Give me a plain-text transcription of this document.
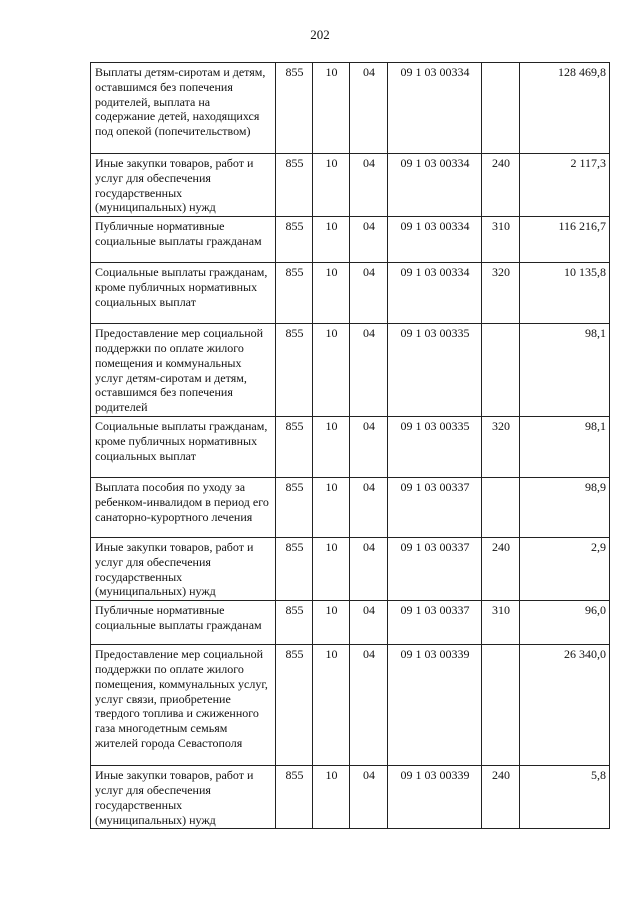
202
Выплаты детям-сиротам и детям, оставшимся без попечения родителей, выплата на содержание детей, находящихся под опекой (попечительством)	855	10	04	09 1 03 00334		128 469,8
Иные закупки товаров, работ и услуг для обеспечения государственных (муниципальных) нужд	855	10	04	09 1 03 00334	240	2 117,3
Публичные нормативные социальные выплаты гражданам	855	10	04	09 1 03 00334	310	116 216,7
Социальные выплаты гражданам, кроме публичных нормативных социальных выплат	855	10	04	09 1 03 00334	320	10 135,8
Предоставление мер социальной поддержки по оплате жилого помещения и коммунальных услуг детям-сиротам и детям, оставшимся без попечения родителей	855	10	04	09 1 03 00335		98,1
Социальные выплаты гражданам, кроме публичных нормативных социальных выплат	855	10	04	09 1 03 00335	320	98,1
Выплата пособия по уходу за ребенком-инвалидом в период его санаторно-курортного лечения	855	10	04	09 1 03 00337		98,9
Иные закупки товаров, работ и услуг для обеспечения государственных (муниципальных) нужд	855	10	04	09 1 03 00337	240	2,9
Публичные нормативные социальные выплаты гражданам	855	10	04	09 1 03 00337	310	96,0
Предоставление мер социальной поддержки по оплате жилого помещения, коммунальных услуг, услуг связи, приобретение твердого топлива и сжиженного газа многодетным семьям жителей города Севастополя	855	10	04	09 1 03 00339		26 340,0
Иные закупки товаров, работ и услуг для обеспечения государственных (муниципальных) нужд	855	10	04	09 1 03 00339	240	5,8
